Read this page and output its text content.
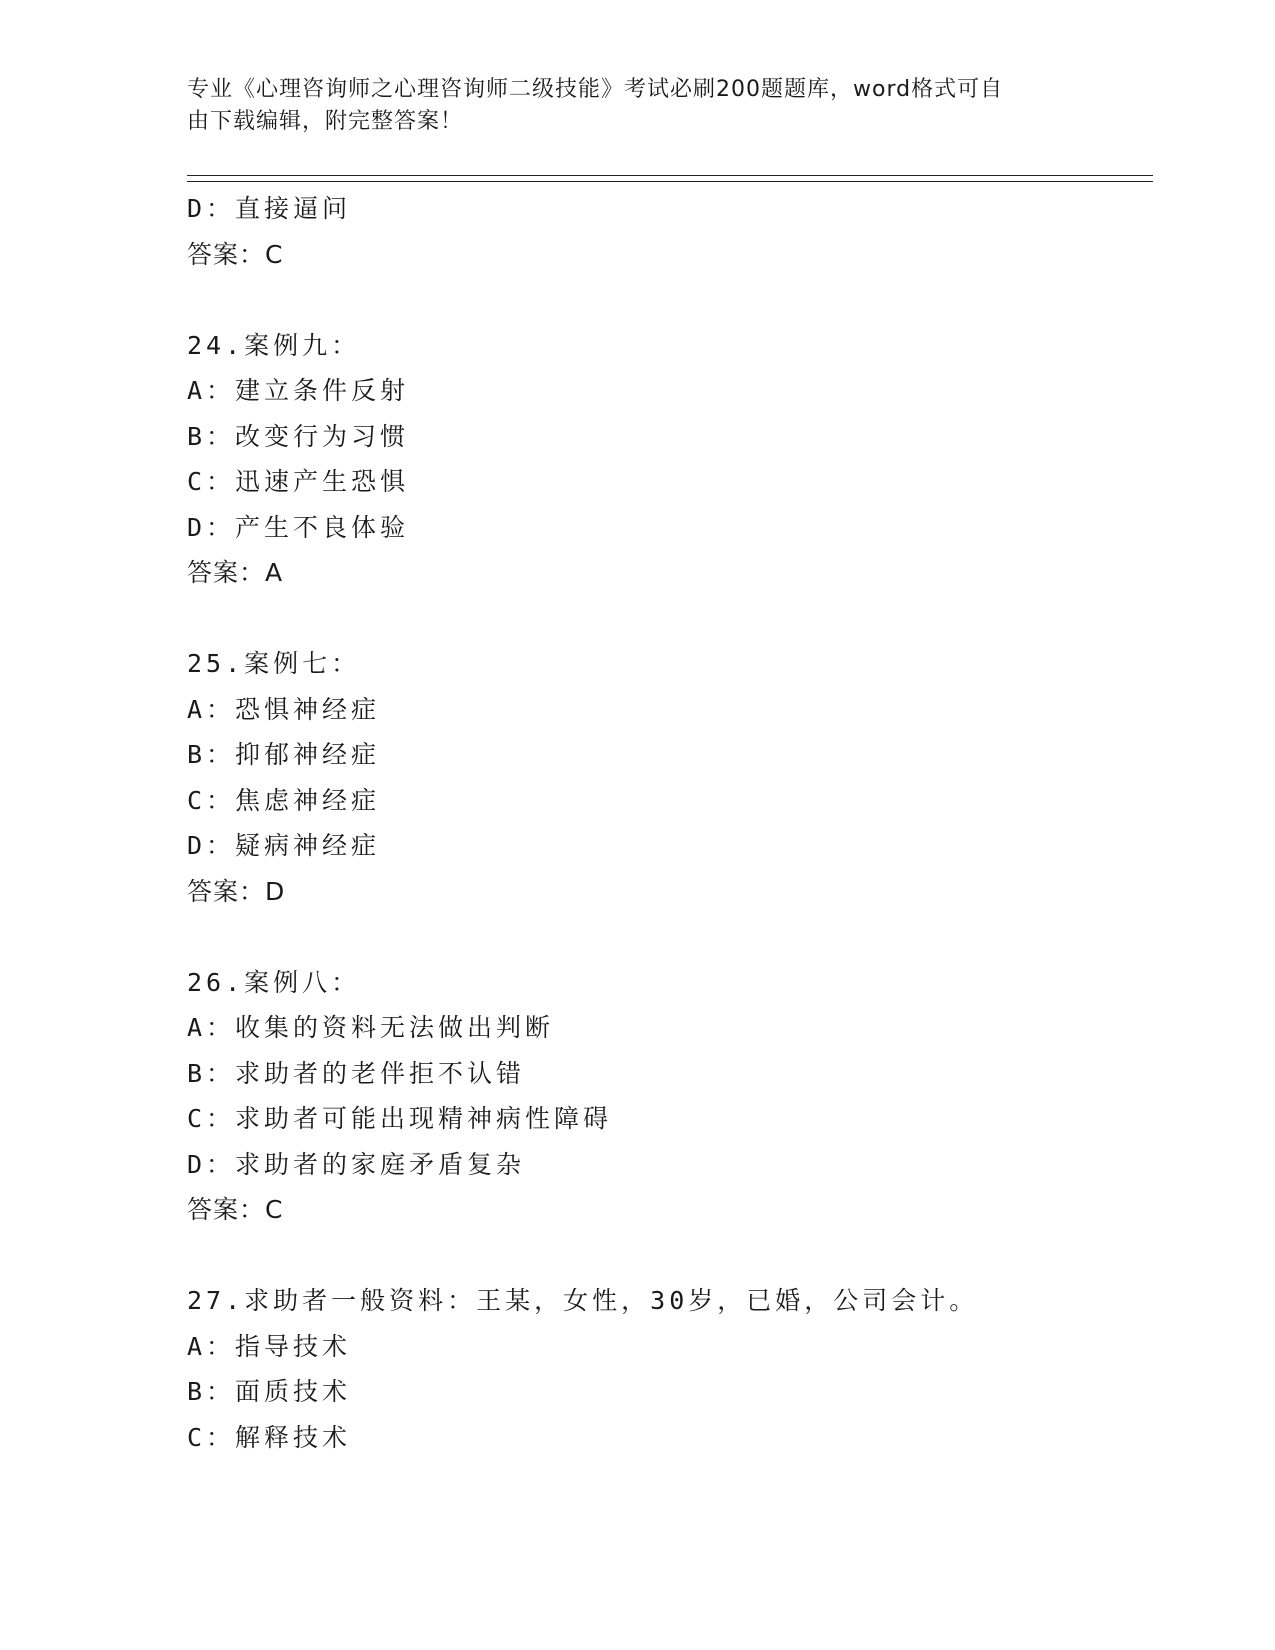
专业《心理咨询师之心理咨询师二级技能》考试必刷200题题库，word格式可自
由下载编辑，附完整答案！
D：直接逼问
答案：C
24.案例九：
A：建立条件反射
B：改变行为习惯
C：迅速产生恐惧
D：产生不良体验
答案：A
25.案例七：
A：恐惧神经症
B：抑郁神经症
C：焦虑神经症
D：疑病神经症
答案：D
26.案例八：
A：收集的资料无法做出判断
B：求助者的老伴拒不认错
C：求助者可能出现精神病性障碍
D：求助者的家庭矛盾复杂
答案：C
27.求助者一般资料：王某，女性，30岁，已婚，公司会计。
A：指导技术
B：面质技术
C：解释技术
